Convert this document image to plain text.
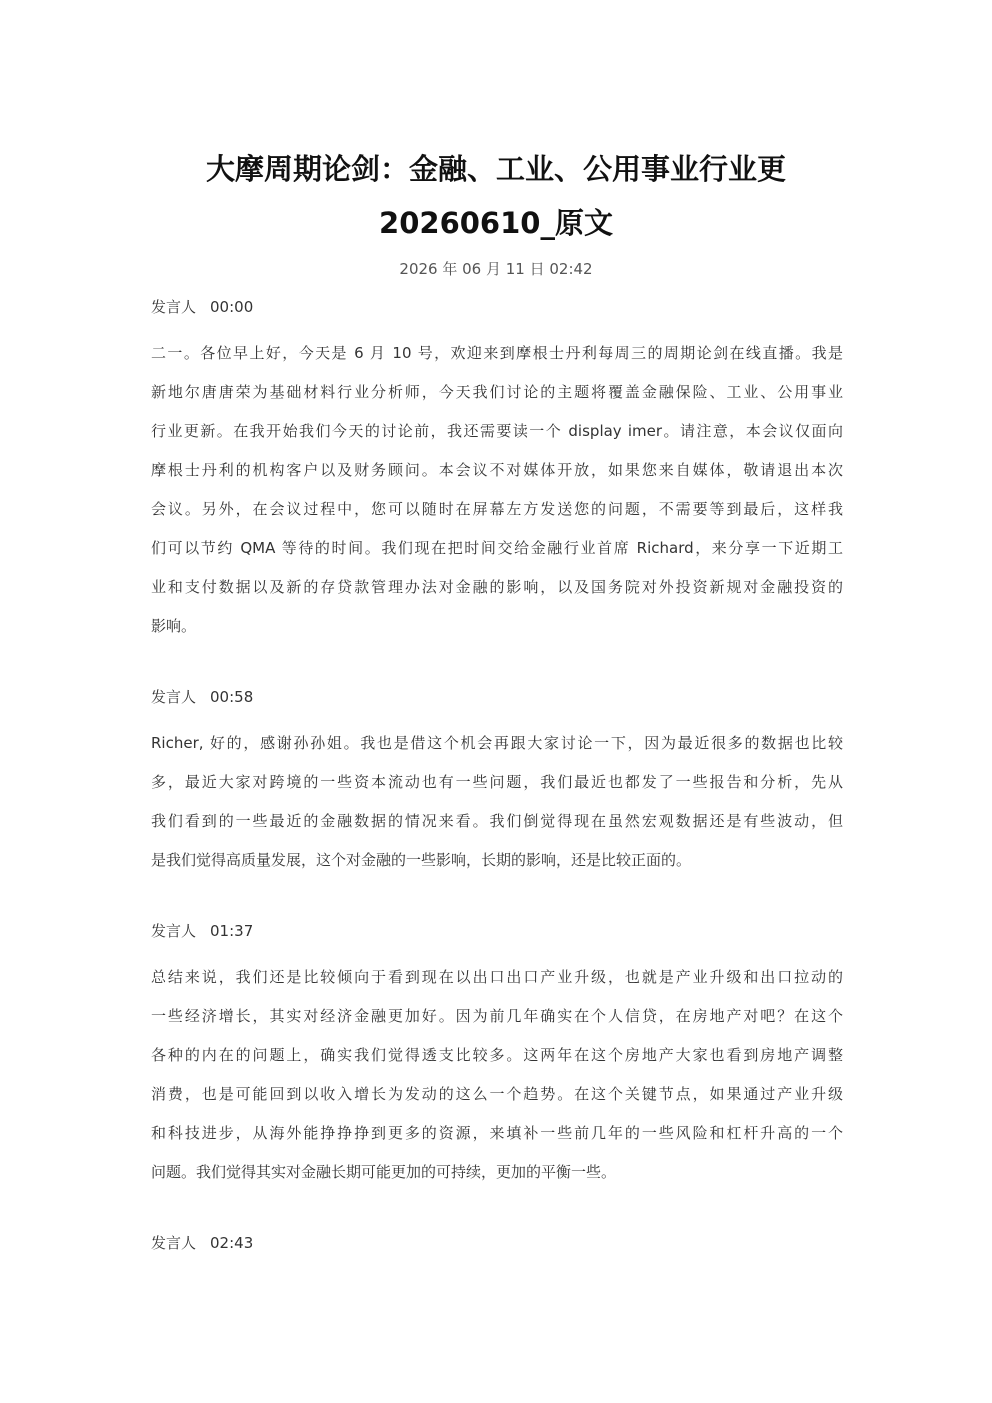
大摩周期论剑：金融、工业、公用事业行业更
20260610_原文
2026 年 06 月 11 日 02:42
发言人 00:00
二一。各位早上好，今天是 6 月 10 号，欢迎来到摩根士丹利每周三的周期论剑在线直播。我是
新地尔唐唐荣为基础材料行业分析师，今天我们讨论的主题将覆盖金融保险、工业、公用事业
行业更新。在我开始我们今天的讨论前，我还需要读一个 display imer。请注意，本会议仅面向
摩根士丹利的机构客户以及财务顾问。本会议不对媒体开放，如果您来自媒体，敬请退出本次
会议。另外，在会议过程中，您可以随时在屏幕左方发送您的问题，不需要等到最后，这样我
们可以节约 QMA 等待的时间。我们现在把时间交给金融行业首席 Richard，来分享一下近期工
业和支付数据以及新的存贷款管理办法对金融的影响，以及国务院对外投资新规对金融投资的
影响。
发言人 00:58
Richer, 好的，感谢孙孙姐。我也是借这个机会再跟大家讨论一下，因为最近很多的数据也比较
多，最近大家对跨境的一些资本流动也有一些问题，我们最近也都发了一些报告和分析，先从
我们看到的一些最近的金融数据的情况来看。我们倒觉得现在虽然宏观数据还是有些波动，但
是我们觉得高质量发展，这个对金融的一些影响，长期的影响，还是比较正面的。
发言人 01:37
总结来说，我们还是比较倾向于看到现在以出口出口产业升级，也就是产业升级和出口拉动的
一些经济增长，其实对经济金融更加好。因为前几年确实在个人信贷，在房地产对吧？在这个
各种的内在的问题上，确实我们觉得透支比较多。这两年在这个房地产大家也看到房地产调整
消费，也是可能回到以收入增长为发动的这么一个趋势。在这个关键节点，如果通过产业升级
和科技进步，从海外能挣挣挣到更多的资源，来填补一些前几年的一些风险和杠杆升高的一个
问题。我们觉得其实对金融长期可能更加的可持续，更加的平衡一些。
发言人 02:43
